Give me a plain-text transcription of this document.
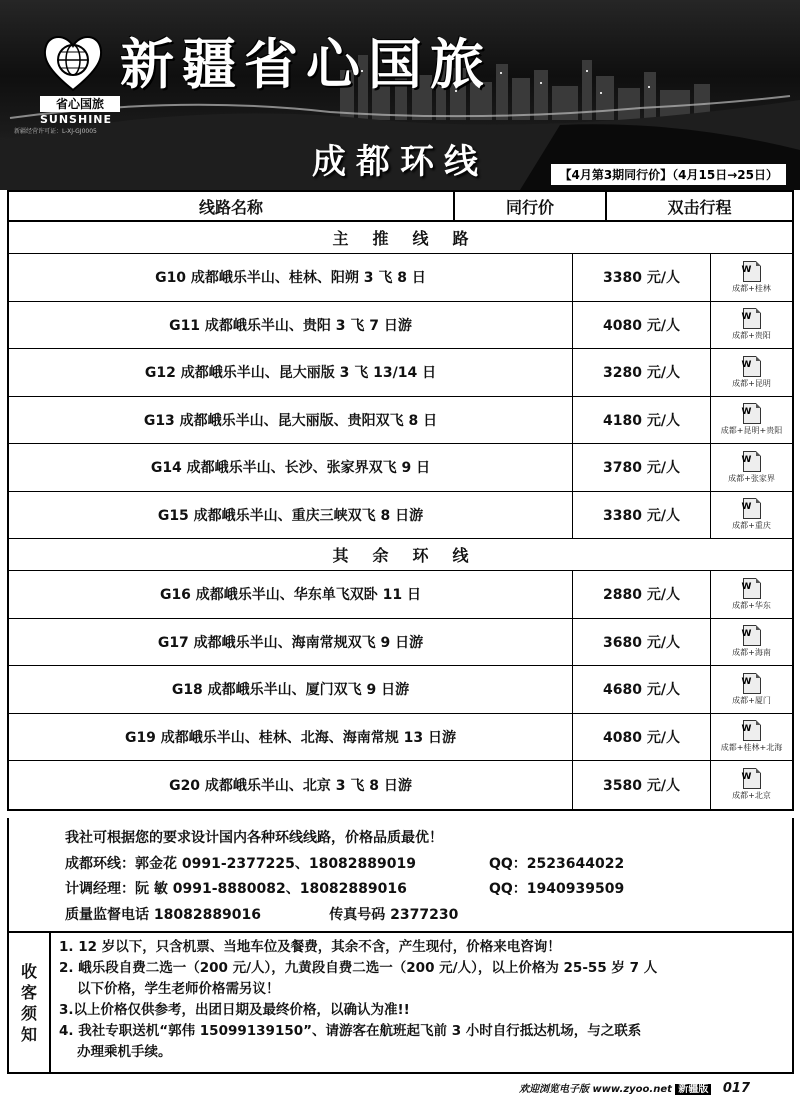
省心国旅
SUNSHINE
新疆经营许可证：L-XJ-GJ0005
新疆省心国旅
成都环线	【4月第3期同行价】（4月15日→25日）
线路名称	同行价	双击行程
主推线路
G10 成都峨乐半山、桂林、阳朔 3 飞 8 日	3380 元/人
W
成都+桂林
G11 成都峨乐半山、贵阳 3 飞 7 日游	4080 元/人
W
成都+贵阳
G12 成都峨乐半山、昆大丽版 3 飞 13/14 日	3280 元/人
W
成都+昆明
G13 成都峨乐半山、昆大丽版、贵阳双飞 8 日	4180 元/人
W
成都+昆明+贵阳
G14 成都峨乐半山、长沙、张家界双飞 9 日	3780 元/人
W
成都+张家界
G15 成都峨乐半山、重庆三峡双飞 8 日游	3380 元/人
W
成都+重庆
其余环线
G16 成都峨乐半山、华东单飞双卧 11 日	2880 元/人
W
成都+华东
G17 成都峨乐半山、海南常规双飞 9 日游	3680 元/人
W
成都+海南
G18 成都峨乐半山、厦门双飞 9 日游	4680 元/人
W
成都+厦门
G19 成都峨乐半山、桂林、北海、海南常规 13 日游	4080 元/人
W
成都+桂林+北海
G20 成都峨乐半山、北京 3 飞 8 日游	3580 元/人
W
成都+北京
我社可根据您的要求设计国内各种环线线路，价格品质最优！
成都环线：郭金花 0991-2377225、18082889019	QQ：2523644022
计调经理：阮 敏 0991-8880082、18082889016	QQ：1940939509
质量监督电话 18082889016              传真号码 2377230
收
客
须
知
1. 12 岁以下，只含机票、当地车位及餐费，其余不含，产生现付，价格来电咨询！
2. 峨乐段自费二选一（200 元/人），九黄段自费二选一（200 元/人），以上价格为 25-55 岁 7 人
以下价格，学生老师价格需另议！
3.以上价格仅供参考，出团日期及最终价格，以确认为准!!
4. 我社专职送机“郭伟 15099139150”、请游客在航班起飞前 3 小时自行抵达机场，与之联系
办理乘机手续。
欢迎浏览电子版 www.zyoo.net 新疆版 017
